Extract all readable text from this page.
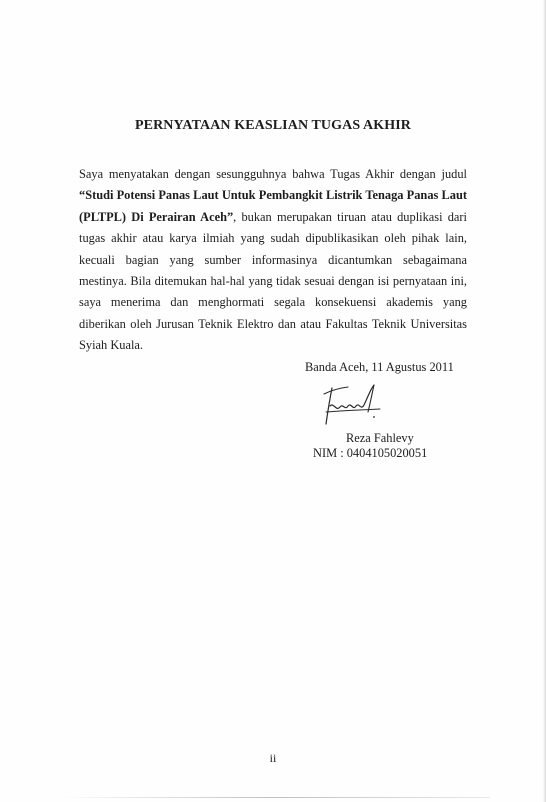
PERNYATAAN KEASLIAN TUGAS AKHIR

Saya menyatakan dengan sesungguhnya bahwa Tugas Akhir dengan judul “Studi Potensi Panas Laut Untuk Pembangkit Listrik Tenaga Panas Laut (PLTPL) Di Perairan Aceh”, bukan merupakan tiruan atau duplikasi dari tugas akhir atau karya ilmiah yang sudah dipublikasikan oleh pihak lain, kecuali bagian yang sumber informasinya dicantumkan sebagaimana mestinya. Bila ditemukan hal-hal yang tidak sesuai dengan isi pernyataan ini, saya menerima dan menghormati segala konsekuensi akademis yang diberikan oleh Jurusan Teknik Elektro dan atau Fakultas Teknik Universitas Syiah Kuala.

Banda Aceh, 11 Agustus 2011
Reza Fahlevy
NIM : 0404105020051
ii
